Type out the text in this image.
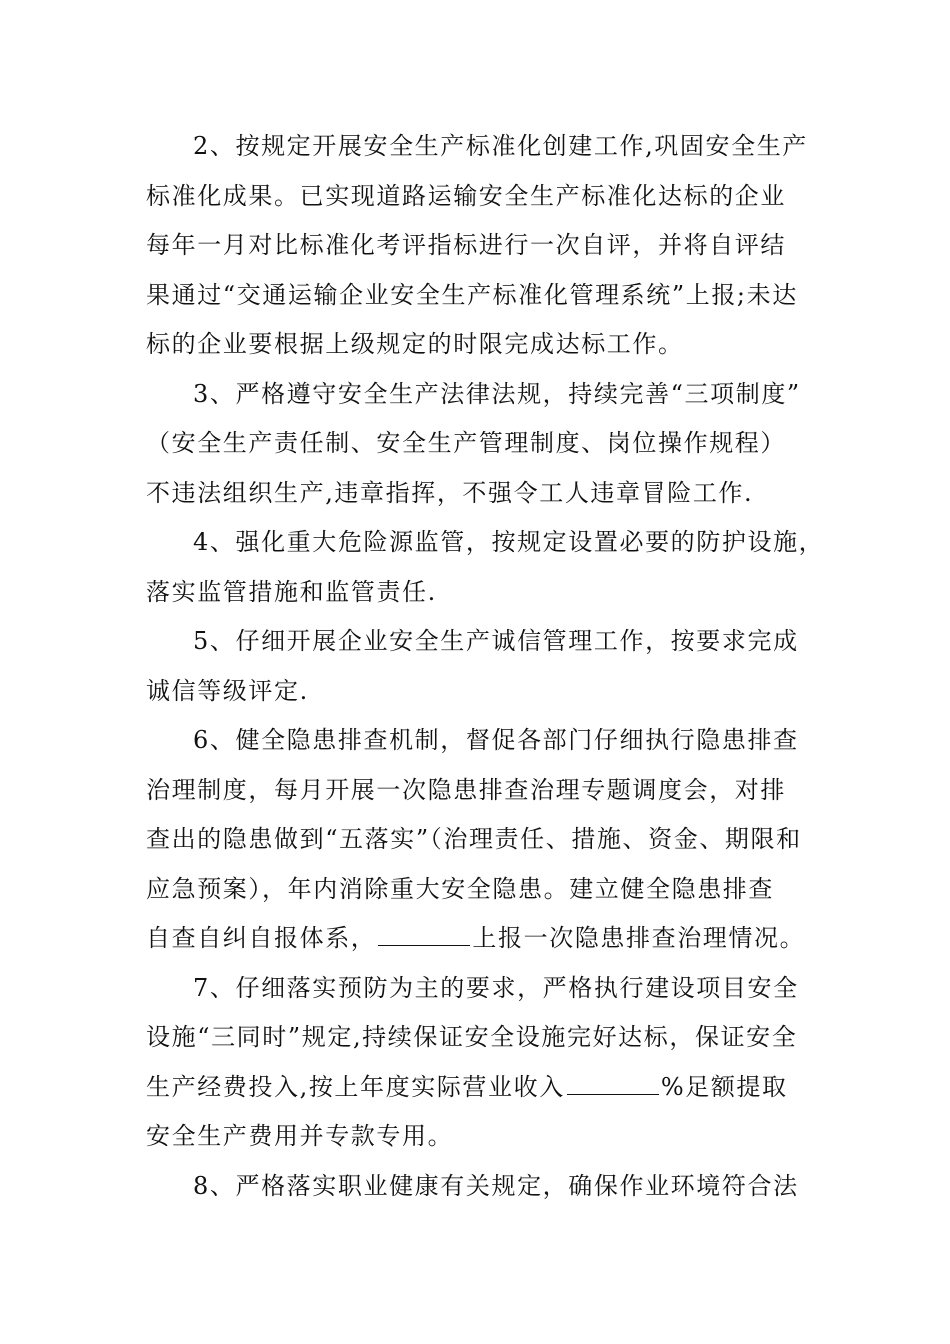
2、按规定开展安全生产标准化创建工作,巩固安全生产
标准化成果。已实现道路运输安全生产标准化达标的企业
每年一月对比标准化考评指标进行一次自评，并将自评结
果通过“交通运输企业安全生产标准化管理系统”上报;未达
标的企业要根据上级规定的时限完成达标工作。
3、严格遵守安全生产法律法规，持续完善“三项制度”
（安全生产责任制、安全生产管理制度、岗位操作规程）
不违法组织生产,违章指挥，不强令工人违章冒险工作.
4、强化重大危险源监管，按规定设置必要的防护设施，
落实监管措施和监管责任.
5、仔细开展企业安全生产诚信管理工作，按要求完成
诚信等级评定.
6、健全隐患排查机制，督促各部门仔细执行隐患排查
治理制度，每月开展一次隐患排查治理专题调度会，对排
查出的隐患做到“五落实”（治理责任、措施、资金、期限和
应急预案），年内消除重大安全隐患。建立健全隐患排查
自查自纠自报体系，	上报一次隐患排查治理情况。
7、仔细落实预防为主的要求，严格执行建设项目安全
设施“三同时”规定,持续保证安全设施完好达标，保证安全
生产经费投入,按上年度实际营业收入	%足额提取
安全生产费用并专款专用。
8、严格落实职业健康有关规定，确保作业环境符合法
